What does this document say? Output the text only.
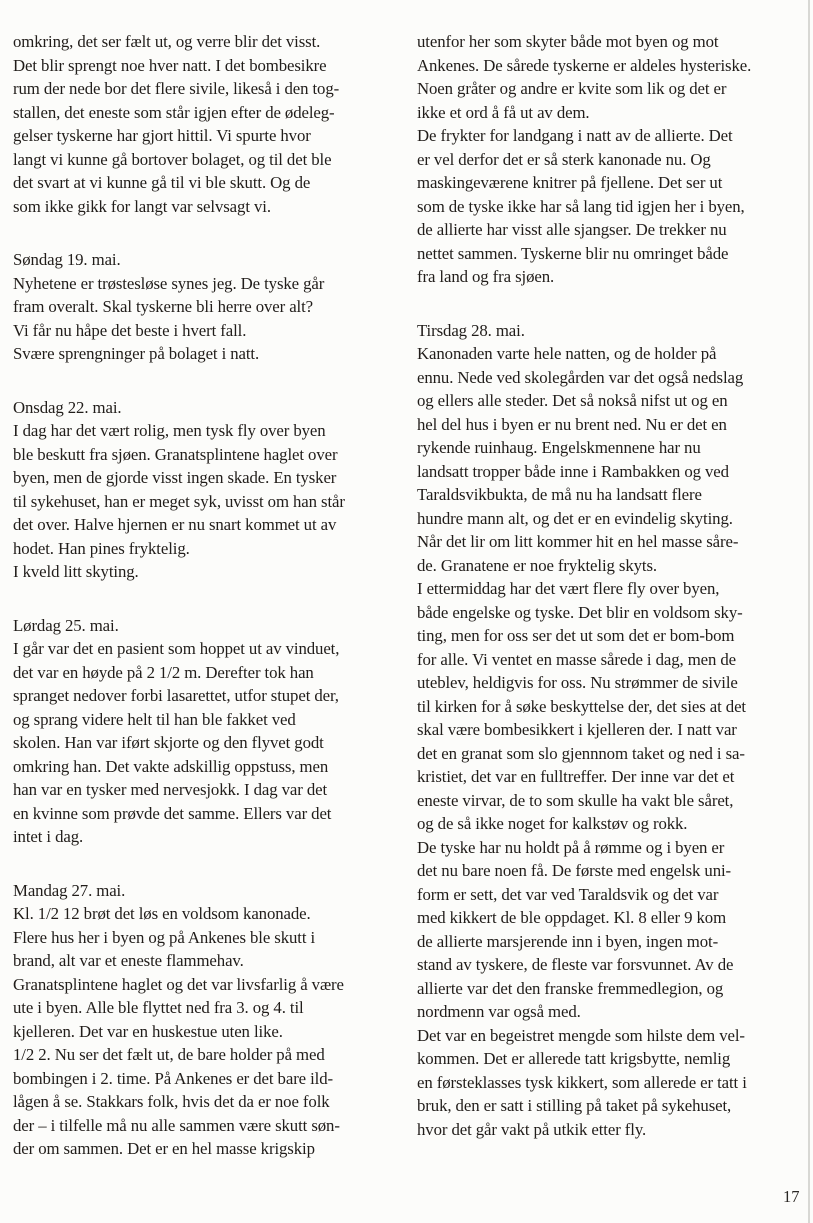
omkring, det ser fælt ut, og verre blir det visst.
Det blir sprengt noe hver natt. I det bombesikre
rum der nede bor det flere sivile, likeså i den tog-
stallen, det eneste som står igjen efter de ødeleg-
gelser tyskerne har gjort hittil. Vi spurte hvor
langt vi kunne gå bortover bolaget, og til det ble
det svart at vi kunne gå til vi ble skutt. Og de
som ikke gikk for langt var selvsagt vi.
Søndag 19. mai.
Nyhetene er trøstesløse synes jeg. De tyske går
fram overalt. Skal tyskerne bli herre over alt?
Vi får nu håpe det beste i hvert fall.
Svære sprengninger på bolaget i natt.
Onsdag 22. mai.
I dag har det vært rolig, men tysk fly over byen
ble beskutt fra sjøen. Granatsplintene haglet over
byen, men de gjorde visst ingen skade. En tysker
til sykehuset, han er meget syk, uvisst om han står
det over. Halve hjernen er nu snart kommet ut av
hodet. Han pines fryktelig.
I kveld litt skyting.
Lørdag 25. mai.
I går var det en pasient som hoppet ut av vinduet,
det var en høyde på 2 1/2 m. Derefter tok han
spranget nedover forbi lasarettet, utfor stupet der,
og sprang videre helt til han ble fakket ved
skolen. Han var iført skjorte og den flyvet godt
omkring han. Det vakte adskillig oppstuss, men
han var en tysker med nervesjokk. I dag var det
en kvinne som prøvde det samme. Ellers var det
intet i dag.
Mandag 27. mai.
Kl. 1/2 12 brøt det løs en voldsom kanonade.
Flere hus her i byen og på Ankenes ble skutt i
brand, alt var et eneste flammehav.
Granatsplintene haglet og det var livsfarlig å være
ute i byen. Alle ble flyttet ned fra 3. og 4. til
kjelleren. Det var en huskestue uten like.
1/2 2. Nu ser det fælt ut, de bare holder på med
bombingen i 2. time. På Ankenes er det bare ild-
lågen å se. Stakkars folk, hvis det da er noe folk
der – i tilfelle må nu alle sammen være skutt søn-
der om sammen. Det er en hel masse krigskip
utenfor her som skyter både mot byen og mot
Ankenes. De sårede tyskerne er aldeles hysteriske.
Noen gråter og andre er kvite som lik og det er
ikke et ord å få ut av dem.
De frykter for landgang i natt av de allierte. Det
er vel derfor det er så sterk kanonade nu. Og
maskingeværene knitrer på fjellene. Det ser ut
som de tyske ikke har så lang tid igjen her i byen,
de allierte har visst alle sjangser. De trekker nu
nettet sammen. Tyskerne blir nu omringet både
fra land og fra sjøen.
Tirsdag 28. mai.
Kanonaden varte hele natten, og de holder på
ennu. Nede ved skolegården var det også nedslag
og ellers alle steder. Det så nokså nifst ut og en
hel del hus i byen er nu brent ned. Nu er det en
rykende ruinhaug. Engelskmennene har nu
landsatt tropper både inne i Rambakken og ved
Taraldsvikbukta, de må nu ha landsatt flere
hundre mann alt, og det er en evindelig skyting.
Når det lir om litt kommer hit en hel masse såre-
de. Granatene er noe fryktelig skyts.
I ettermiddag har det vært flere fly over byen,
både engelske og tyske. Det blir en voldsom sky-
ting, men for oss ser det ut som det er bom-bom
for alle. Vi ventet en masse sårede i dag, men de
uteblev, heldigvis for oss. Nu strømmer de sivile
til kirken for å søke beskyttelse der, det sies at det
skal være bombesikkert i kjelleren der. I natt var
det en granat som slo gjennnom taket og ned i sa-
kristiet, det var en fulltreffer. Der inne var det et
eneste virvar, de to som skulle ha vakt ble såret,
og de så ikke noget for kalkstøv og rokk.
De tyske har nu holdt på å rømme og i byen er
det nu bare noen få. De første med engelsk uni-
form er sett, det var ved Taraldsvik og det var
med kikkert de ble oppdaget. Kl. 8 eller 9 kom
de allierte marsjerende inn i byen, ingen mot-
stand av tyskere, de fleste var forsvunnet. Av de
allierte var det den franske fremmedlegion, og
nordmenn var også med.
Det var en begeistret mengde som hilste dem vel-
kommen. Det er allerede tatt krigsbytte, nemlig
en førsteklasses tysk kikkert, som allerede er tatt i
bruk, den er satt i stilling på taket på sykehuset,
hvor det går vakt på utkik etter fly.
17
